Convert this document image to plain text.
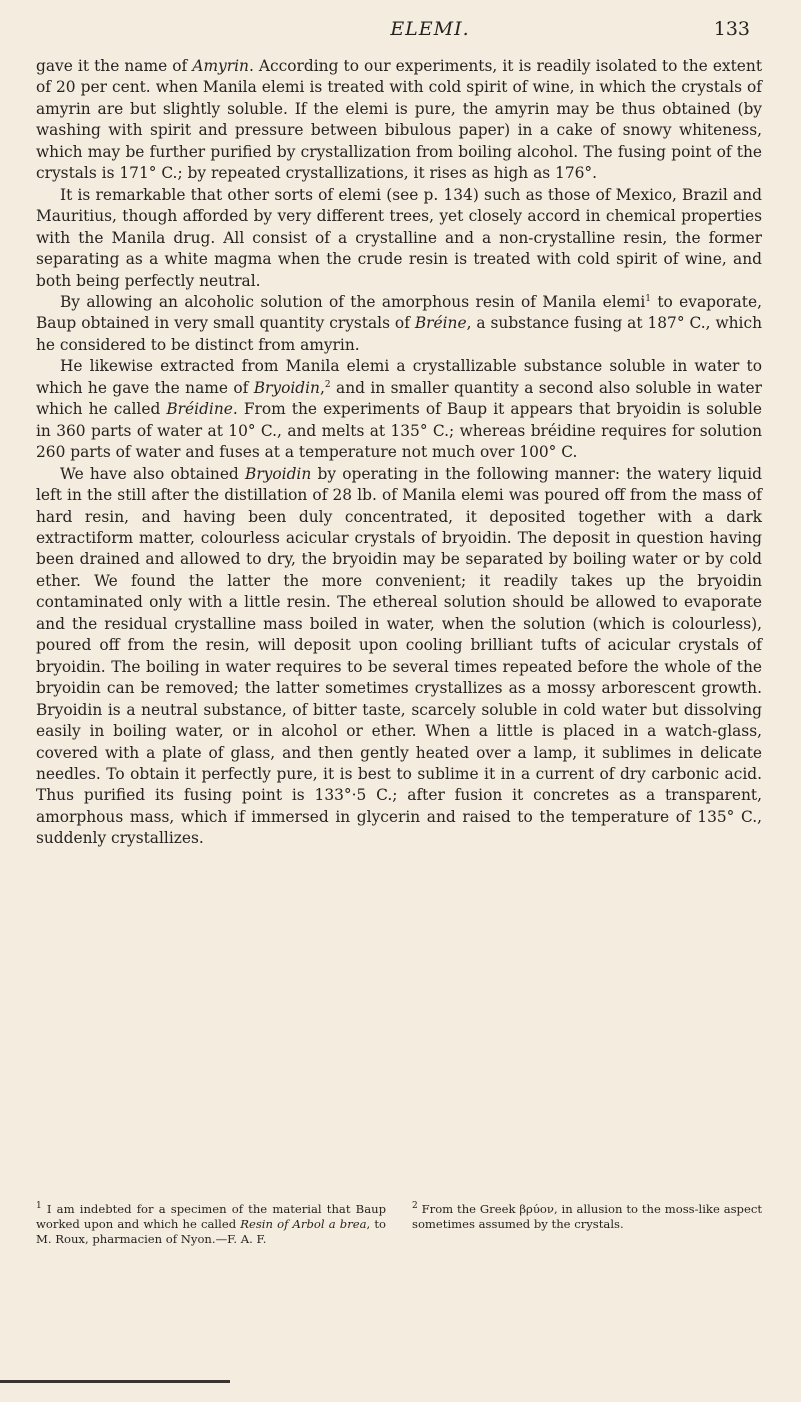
ELEMI.	133

gave it the name of Amyrin. According to our experiments, it is readily isolated to the extent of 20 per cent. when Manila elemi is treated with cold spirit of wine, in which the crystals of amyrin are but slightly soluble. If the elemi is pure, the amyrin may be thus obtained (by washing with spirit and pressure between bibulous paper) in a cake of snowy whiteness, which may be further purified by crystallization from boiling alcohol. The fusing point of the crystals is 171° C.; by repeated crystallizations, it rises as high as 176°.

It is remarkable that other sorts of elemi (see p. 134) such as those of Mexico, Brazil and Mauritius, though afforded by very different trees, yet closely accord in chemical properties with the Manila drug. All consist of a crystalline and a non-crystalline resin, the former separating as a white magma when the crude resin is treated with cold spirit of wine, and both being perfectly neutral.

By allowing an alcoholic solution of the amorphous resin of Manila elemi$^1$ to evaporate, Baup obtained in very small quantity crystals of Bréine, a substance fusing at 187° C., which he considered to be distinct from amyrin.

He likewise extracted from Manila elemi a crystallizable substance soluble in water to which he gave the name of Bryoidin,$^2$ and in smaller quantity a second also soluble in water which he called Bréidine. From the experiments of Baup it appears that bryoidin is soluble in 360 parts of water at 10° C., and melts at 135° C.; whereas bréidine requires for solution 260 parts of water and fuses at a temperature not much over 100° C.

We have also obtained Bryoidin by operating in the following manner: the watery liquid left in the still after the distillation of 28 lb. of Manila elemi was poured off from the mass of hard resin, and having been duly concentrated, it deposited together with a dark extractiform matter, colourless acicular crystals of bryoidin. The deposit in question having been drained and allowed to dry, the bryoidin may be separated by boiling water or by cold ether. We found the latter the more convenient; it readily takes up the bryoidin contaminated only with a little resin. The ethereal solution should be allowed to evaporate and the residual crystalline mass boiled in water, when the solution (which is colourless), poured off from the resin, will deposit upon cooling brilliant tufts of acicular crystals of bryoidin. The boiling in water requires to be several times repeated before the whole of the bryoidin can be removed; the latter sometimes crystallizes as a mossy arborescent growth. Bryoidin is a neutral substance, of bitter taste, scarcely soluble in cold water but dissolving easily in boiling water, or in alcohol or ether. When a little is placed in a watch-glass, covered with a plate of glass, and then gently heated over a lamp, it sublimes in delicate needles. To obtain it perfectly pure, it is best to sublime it in a current of dry carbonic acid. Thus purified its fusing point is 133°·5 C.; after fusion it concretes as a transparent, amorphous mass, which if immersed in glycerin and raised to the temperature of 135° C., suddenly crystallizes.

$^1$ I am indebted for a specimen of the material that Baup worked upon and which he called Resin of Arbol a brea, to M. Roux, pharmacien of Nyon.—F. A. F.
$^2$ From the Greek βρύον, in allusion to the moss-like aspect sometimes assumed by the crystals.
